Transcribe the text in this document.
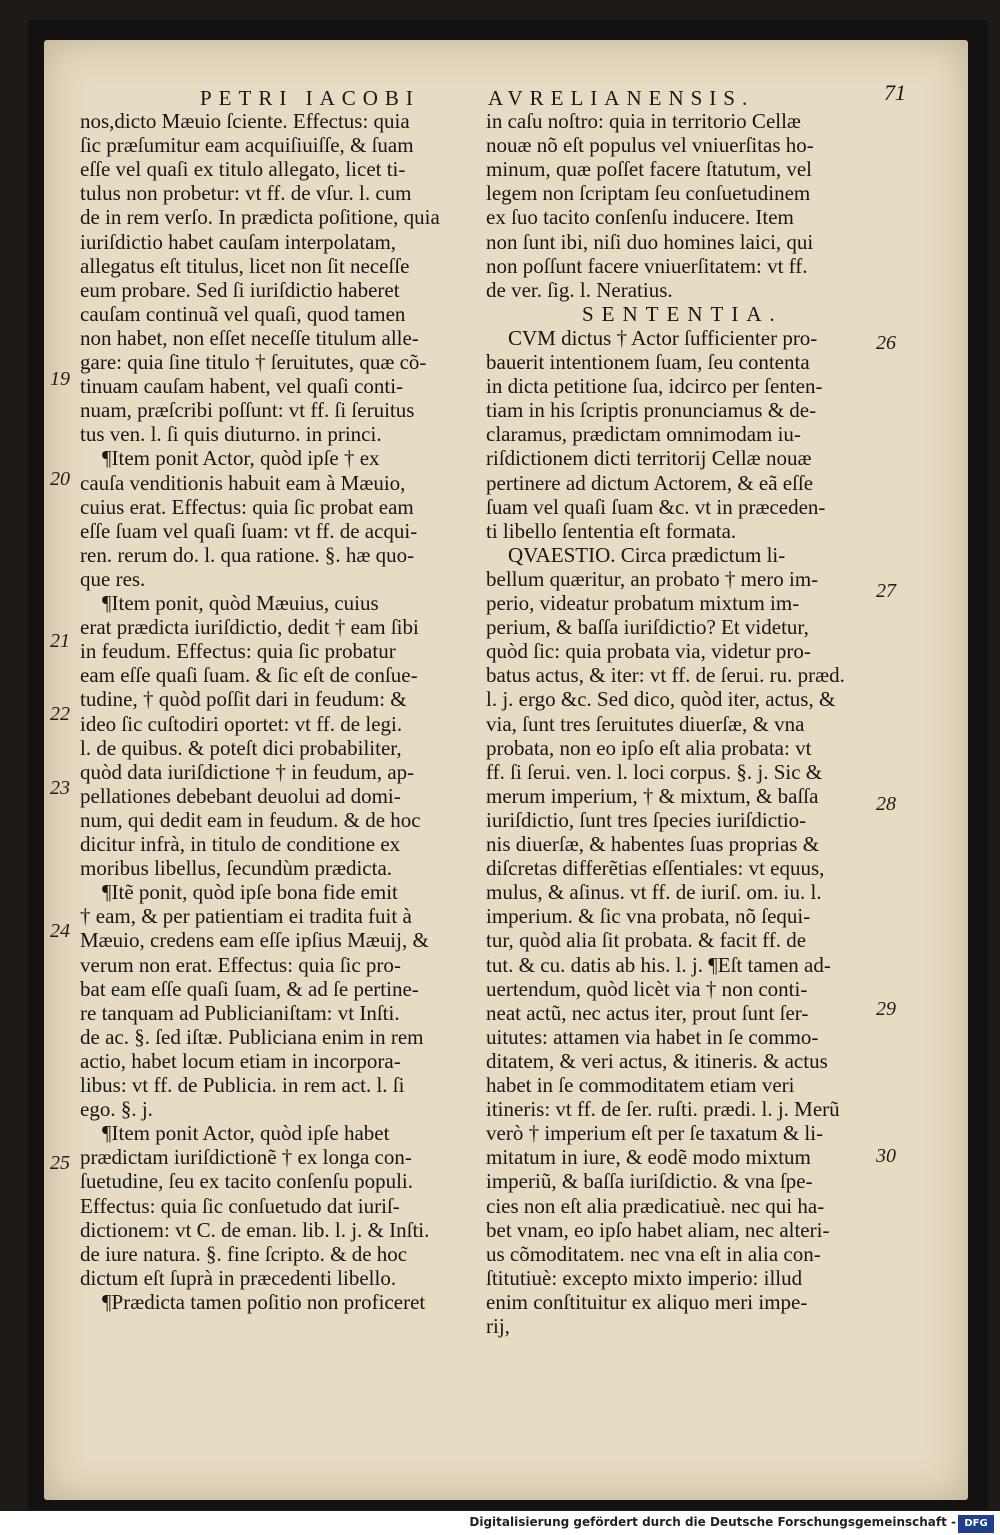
PETRI IACOBI	AVRELIANENSIS.	71
nos,dicto Mæuio ſciente. Effectus: quia
ſic præſumitur eam acquiſiuiſſe, & ſuam
eſſe vel quaſi ex titulo allegato, licet ti-
tulus non probetur: vt ff. de vſur. l. cum
de in rem verſo. In prædicta poſitione, quia
iuriſdictio habet cauſam interpolatam,
allegatus eſt titulus, licet non ſit neceſſe
eum probare. Sed ſi iuriſdictio haberet
cauſam continuã vel quaſi, quod tamen
non habet, non eſſet neceſſe titulum alle-
gare: quia ſine titulo † ſeruitutes, quæ cõ-
tinuam cauſam habent, vel quaſi conti-
nuam, præſcribi poſſunt: vt ff. ſi ſeruitus
tus ven. l. ſi quis diuturno. in princi.
¶Item ponit Actor, quòd ipſe † ex
cauſa venditionis habuit eam à Mæuio,
cuius erat. Effectus: quia ſic probat eam
eſſe ſuam vel quaſi ſuam: vt ff. de acqui-
ren. rerum do. l. qua ratione. §. hæ quo-
que res.
¶Item ponit, quòd Mæuius, cuius
erat prædicta iuriſdictio, dedit † eam ſibi
in feudum. Effectus: quia ſic probatur
eam eſſe quaſi ſuam. & ſic eſt de conſue-
tudine, † quòd poſſit dari in feudum: &
ideo ſic cuſtodiri oportet: vt ff. de legi.
l. de quibus. & poteſt dici probabiliter,
quòd data iuriſdictione † in feudum, ap-
pellationes debebant deuolui ad domi-
num, qui dedit eam in feudum. & de hoc
dicitur infrà, in titulo de conditione ex
moribus libellus, ſecundùm prædicta.
¶Itẽ ponit, quòd ipſe bona fide emit
† eam, & per patientiam ei tradita fuit à
Mæuio, credens eam eſſe ipſius Mæuij, &
verum non erat. Effectus: quia ſic pro-
bat eam eſſe quaſi ſuam, & ad ſe pertine-
re tanquam ad Publicianiſtam: vt Inſti.
de ac. §. ſed iſtæ. Publiciana enim in rem
actio, habet locum etiam in incorpora-
libus: vt ff. de Publicia. in rem act. l. ſi
ego. §. j.
¶Item ponit Actor, quòd ipſe habet
prædictam iuriſdictionẽ † ex longa con-
ſuetudine, ſeu ex tacito conſenſu populi.
Effectus: quia ſic conſuetudo dat iuriſ-
dictionem: vt C. de eman. lib. l. j. & Inſti.
de iure natura. §. fine ſcripto. & de hoc
dictum eſt ſuprà in præcedenti libello.
¶Prædicta tamen poſitio non proficeret
in caſu noſtro: quia in territorio Cellæ
nouæ nõ eſt populus vel vniuerſitas ho-
minum, quæ poſſet facere ſtatutum, vel
legem non ſcriptam ſeu conſuetudinem
ex ſuo tacito conſenſu inducere. Item
non ſunt ibi, niſi duo homines laici, qui
non poſſunt facere vniuerſitatem: vt ff.
de ver. ſig. l. Neratius.
SENTENTIA.
CVM dictus † Actor ſufficienter pro-
bauerit intentionem ſuam, ſeu contenta
in dicta petitione ſua, idcirco per ſenten-
tiam in his ſcriptis pronunciamus & de-
claramus, prædictam omnimodam iu-
riſdictionem dicti territorij Cellæ nouæ
pertinere ad dictum Actorem, & eã eſſe
ſuam vel quaſi ſuam &c. vt in præceden-
ti libello ſententia eſt formata.
QVAESTIO. Circa prædictum li-
bellum quæritur, an probato † mero im-
perio, videatur probatum mixtum im-
perium, & baſſa iuriſdictio? Et videtur,
quòd ſic: quia probata via, videtur pro-
batus actus, & iter: vt ff. de ſerui. ru. præd.
l. j. ergo &c. Sed dico, quòd iter, actus, &
via, ſunt tres ſeruitutes diuerſæ, & vna
probata, non eo ipſo eſt alia probata: vt
ff. ſi ſerui. ven. l. loci corpus. §. j. Sic &
merum imperium, † & mixtum, & baſſa
iuriſdictio, ſunt tres ſpecies iuriſdictio-
nis diuerſæ, & habentes ſuas proprias &
diſcretas differẽtias eſſentiales: vt equus,
mulus, & aſinus. vt ff. de iuriſ. om. iu. l.
imperium. & ſic vna probata, nõ ſequi-
tur, quòd alia ſit probata. & facit ff. de
tut. & cu. datis ab his. l. j. ¶Eſt tamen ad-
uertendum, quòd licèt via † non conti-
neat actũ, nec actus iter, prout ſunt ſer-
uitutes: attamen via habet in ſe commo-
ditatem, & veri actus, & itineris. & actus
habet in ſe commoditatem etiam veri
itineris: vt ff. de ſer. ruſti. prædi. l. j. Merũ
verò † imperium eſt per ſe taxatum & li-
mitatum in iure, & eodẽ modo mixtum
imperiũ, & baſſa iuriſdictio. & vna ſpe-
cies non eſt alia prædicatiuè. nec qui ha-
bet vnam, eo ipſo habet aliam, nec alteri-
us cõmoditatem. nec vna eſt in alia con-
ſtitutiuè: excepto mixto imperio: illud
enim conſtituitur ex aliquo meri impe-
rij,
19
20
21
22
23
24
25
26
27
28
29
30
Digitalisierung gefördert durch die Deutsche Forschungsgemeinschaft - DFG
